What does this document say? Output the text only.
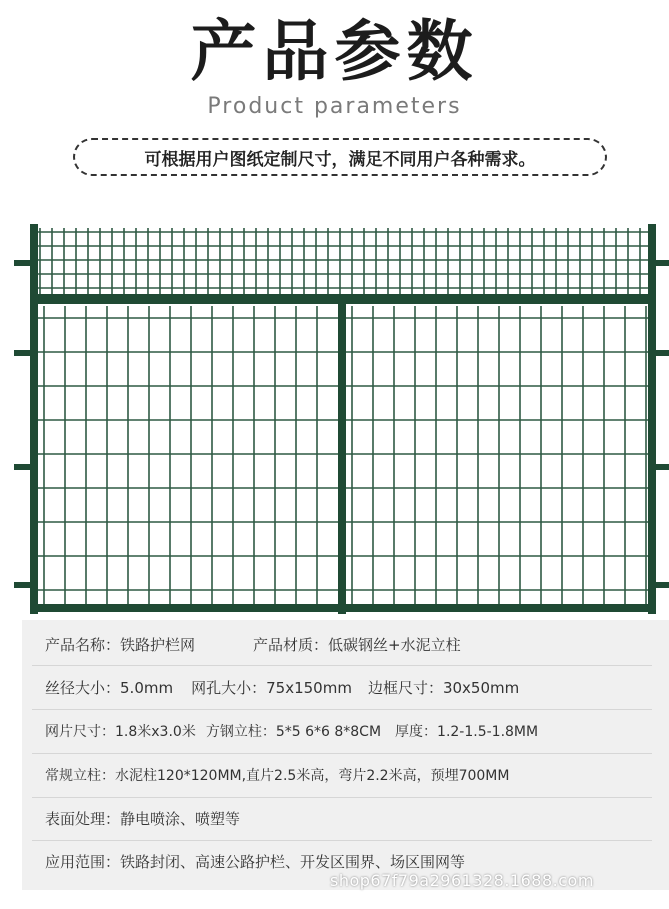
产品参数
Product parameters
可根据用户图纸定制尺寸，满足不同用户各种需求。
产品名称：铁路护栏网	产品材质：低碳钢丝+水泥立柱
丝径大小：5.0mm 网孔大小：75x150mm 边框尺寸：30x50mm
网片尺寸：1.8米x3.0米 方钢立柱：5*5 6*6 8*8CM 厚度：1.2-1.5-1.8MM
常规立柱：水泥柱120*120MM,直片2.5米高，弯片2.2米高，预埋700MM
表面处理：静电喷涂、喷塑等
应用范围：铁路封闭、高速公路护栏、开发区围界、场区围网等
shop67f79a2961328.1688.com
